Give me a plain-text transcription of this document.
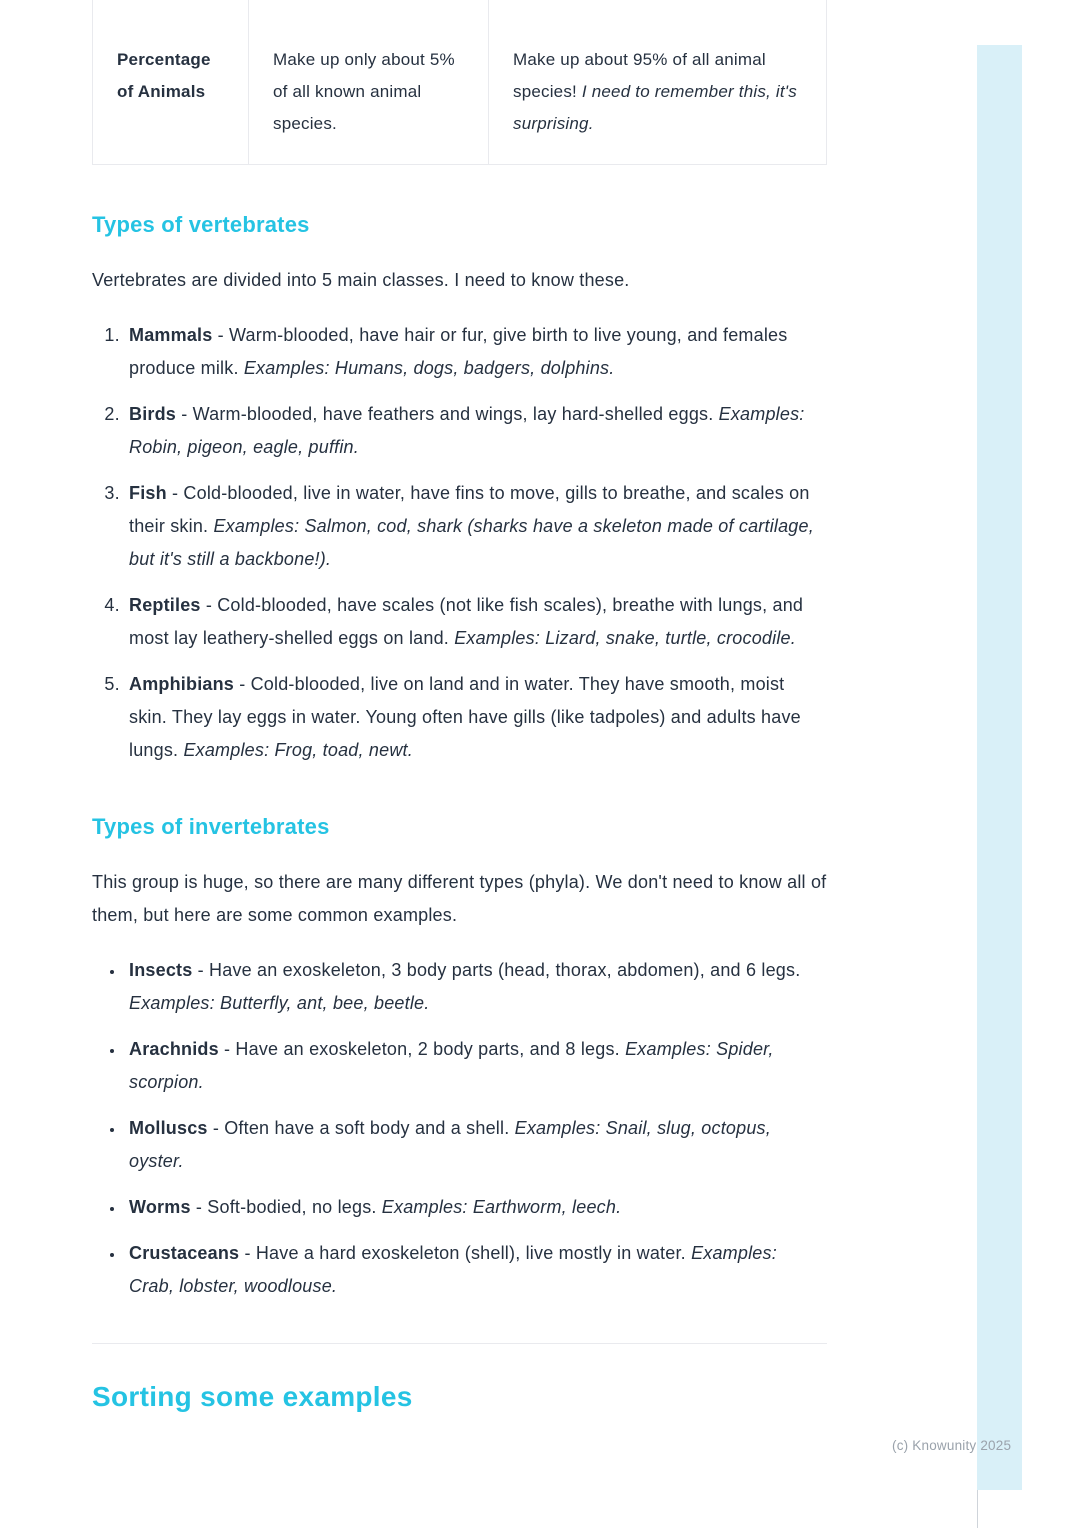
Percentage of Animals
Make up only about 5% of all known animal species.
Make up about 95% of all animal species! I need to remember this, it's surprising.
Types of vertebrates

Vertebrates are divided into 5 main classes. I need to know these.

1. Mammals - Warm-blooded, have hair or fur, give birth to live young, and females produce milk. Examples: Humans, dogs, badgers, dolphins.
2. Birds - Warm-blooded, have feathers and wings, lay hard-shelled eggs. Examples: Robin, pigeon, eagle, puffin.
3. Fish - Cold-blooded, live in water, have fins to move, gills to breathe, and scales on their skin. Examples: Salmon, cod, shark (sharks have a skeleton made of cartilage, but it's still a backbone!).
4. Reptiles - Cold-blooded, have scales (not like fish scales), breathe with lungs, and most lay leathery-shelled eggs on land. Examples: Lizard, snake, turtle, crocodile.
5. Amphibians - Cold-blooded, live on land and in water. They have smooth, moist skin. They lay eggs in water. Young often have gills (like tadpoles) and adults have lungs. Examples: Frog, toad, newt.
Types of invertebrates

This group is huge, so there are many different types (phyla). We don't need to know all of them, but here are some common examples.

• Insects - Have an exoskeleton, 3 body parts (head, thorax, abdomen), and 6 legs. Examples: Butterfly, ant, bee, beetle.
• Arachnids - Have an exoskeleton, 2 body parts, and 8 legs. Examples: Spider, scorpion.
• Molluscs - Often have a soft body and a shell. Examples: Snail, slug, octopus, oyster.
• Worms - Soft-bodied, no legs. Examples: Earthworm, leech.
• Crustaceans - Have a hard exoskeleton (shell), live mostly in water. Examples: Crab, lobster, woodlouse.
Sorting some examples
(c) Knowunity 2025
